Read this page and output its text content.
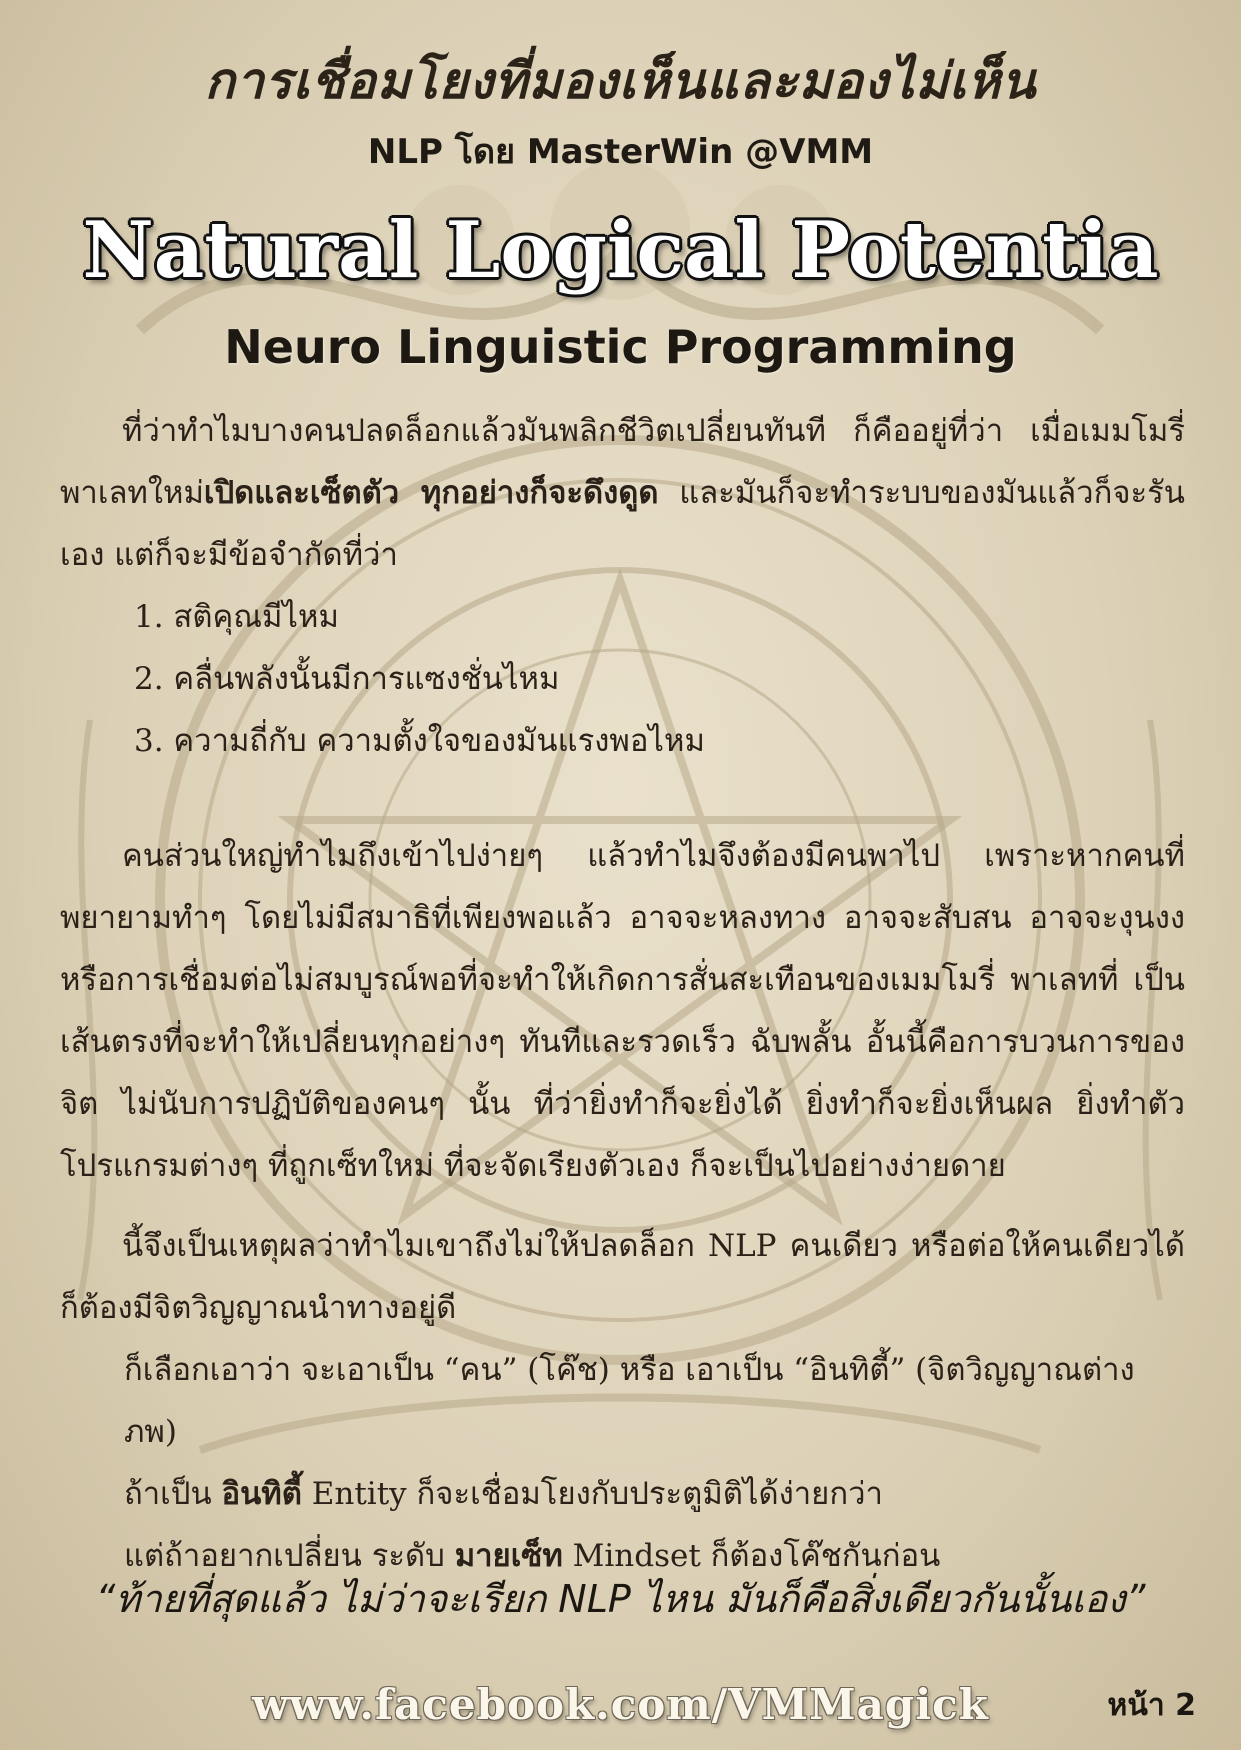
การเชื่อมโยงที่มองเห็นและมองไม่เห็น
NLP โดย MasterWin @VMM
Natural Logical Potentia
Neuro Linguistic Programming

ที่ว่าทำไมบางคนปลดล็อกแล้วมันพลิกชีวิตเปลี่ยนทันที ก็คืออยู่ที่ว่า เมื่อเมมโมรี่พาเลทใหม่เปิดและเซ็ตตัว ทุกอย่างก็จะดึงดูด และมันก็จะทำระบบของมันแล้วก็จะรันเอง แต่ก็จะมีข้อจำกัดที่ว่า

1. สติคุณมีไหม
2. คลื่นพลังนั้นมีการแซงชั่นไหม
3. ความถี่กับ ความตั้งใจของมันแรงพอไหม

คนส่วนใหญ่ทำไมถึงเข้าไปง่ายๆ แล้วทำไมจึงต้องมีคนพาไป เพราะหากคนที่พยายามทำๆ โดยไม่มีสมาธิที่เพียงพอแล้ว อาจจะหลงทาง อาจจะสับสน อาจจะงุนงง หรือการเชื่อมต่อไม่สมบูรณ์พอที่จะทำให้เกิดการสั่นสะเทือนของเมมโมรี่ พาเลทที่ เป็นเส้นตรงที่จะทำให้เปลี่ยนทุกอย่างๆ ทันทีและรวดเร็ว ฉับพลั้น อั้นนี้คือการบวนการของจิต ไม่นับการปฏิบัติของคนๆ นั้น ที่ว่ายิ่งทำก็จะยิ่งได้ ยิ่งทำก็จะยิ่งเห็นผล ยิ่งทำตัวโปรแกรมต่างๆ ที่ถูกเซ็ทใหม่ ที่จะจัดเรียงตัวเอง ก็จะเป็นไปอย่างง่ายดาย

นี้จึงเป็นเหตุผลว่าทำไมเขาถึงไม่ให้ปลดล็อก NLP คนเดียว หรือต่อให้คนเดียวได้ ก็ต้องมีจิตวิญญาณนำทางอยู่ดี

ก็เลือกเอาว่า จะเอาเป็น “คน” (โค๊ช) หรือ เอาเป็น “อินทิตี้” (จิตวิญญาณต่างภพ)
ถ้าเป็น อินทิตี้ Entity ก็จะเชื่อมโยงกับประตูมิติได้ง่ายกว่า
แต่ถ้าอยากเปลี่ยน ระดับ มายเซ็ท Mindset ก็ต้องโค๊ชกันก่อน
“ท้ายที่สุดแล้ว ไม่ว่าจะเรียก NLP ไหน มันก็คือสิ่งเดียวกันนั้นเอง”
www.facebook.com/VMMagick	หน้า 2
